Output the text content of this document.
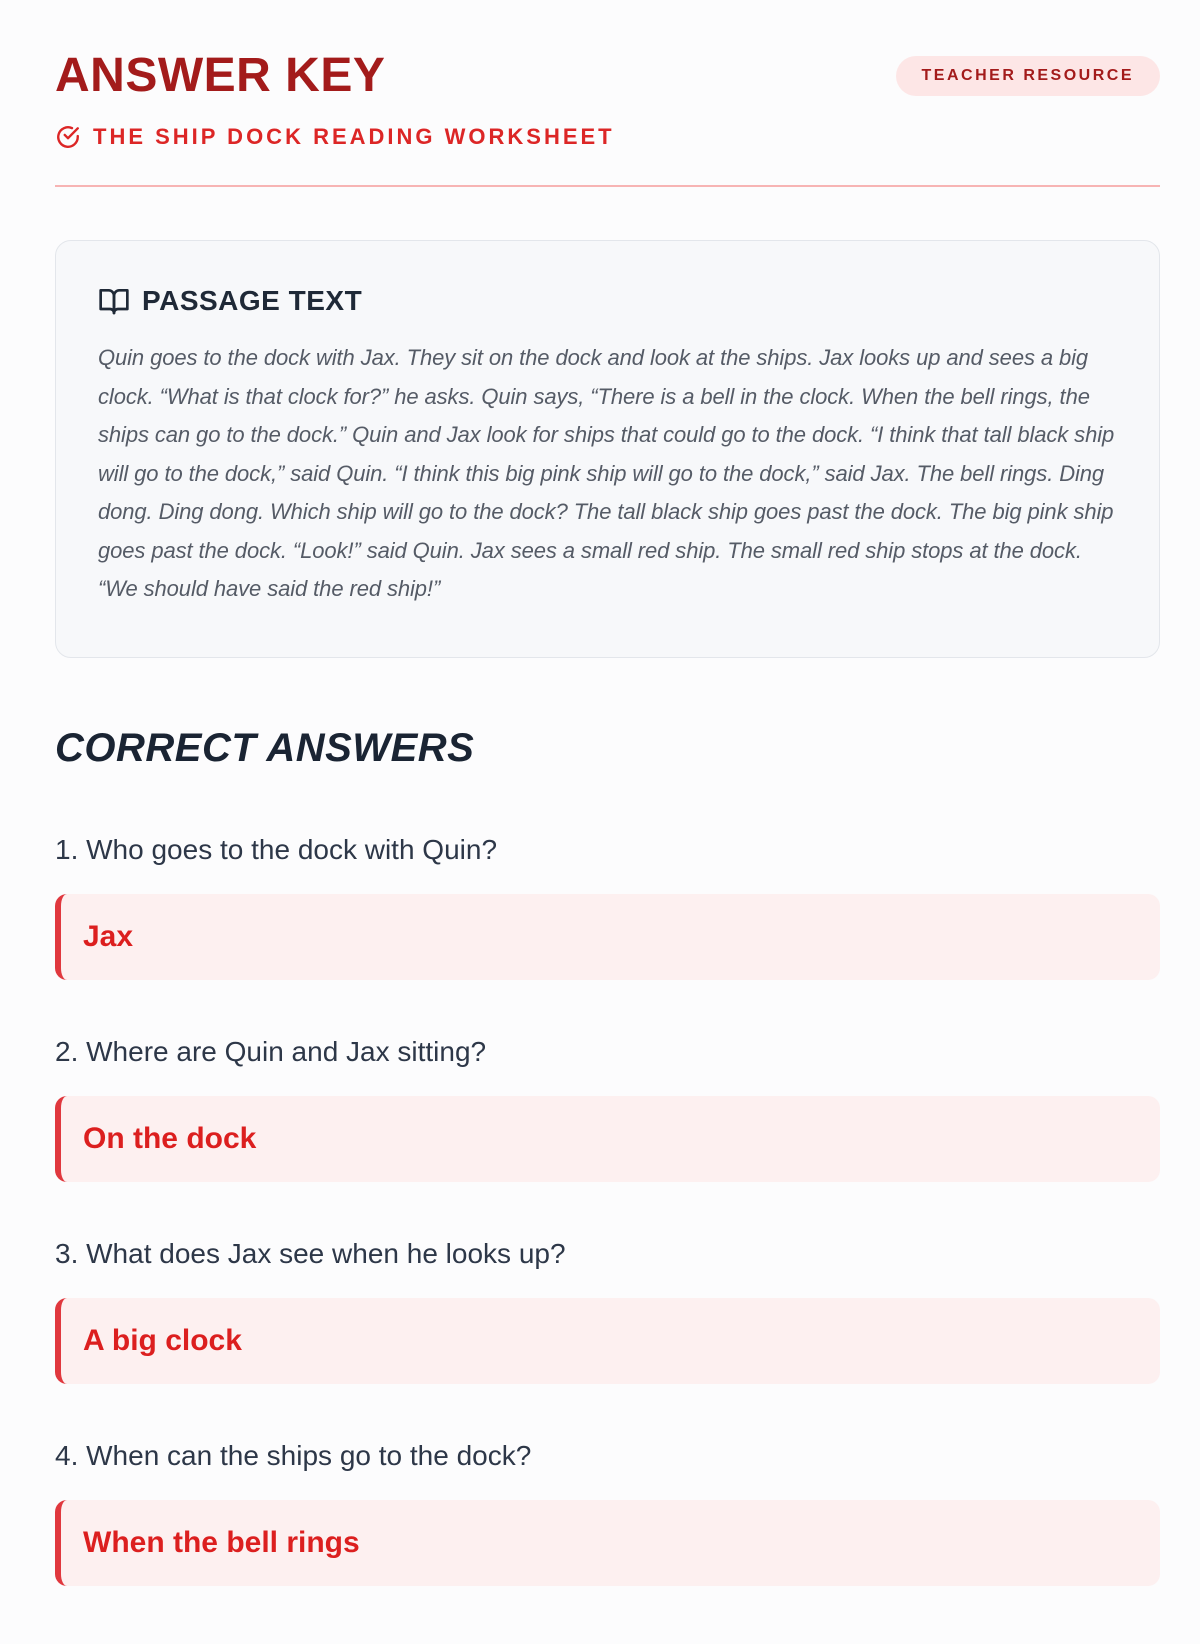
ANSWER KEY
THE SHIP DOCK READING WORKSHEET
TEACHER RESOURCE
PASSAGE TEXT
Quin goes to the dock with Jax. They sit on the dock and look at the ships. Jax looks up and sees a big clock. “What is that clock for?” he asks. Quin says, “There is a bell in the clock. When the bell rings, the ships can go to the dock.” Quin and Jax look for ships that could go to the dock. “I think that tall black ship will go to the dock,” said Quin. “I think this big pink ship will go to the dock,” said Jax. The bell rings. Ding dong. Ding dong. Which ship will go to the dock? The tall black ship goes past the dock. The big pink ship goes past the dock. “Look!” said Quin. Jax sees a small red ship. The small red ship stops at the dock. “We should have said the red ship!”
CORRECT ANSWERS
1. Who goes to the dock with Quin?
Jax
2. Where are Quin and Jax sitting?
On the dock
3. What does Jax see when he looks up?
A big clock
4. When can the ships go to the dock?
When the bell rings
